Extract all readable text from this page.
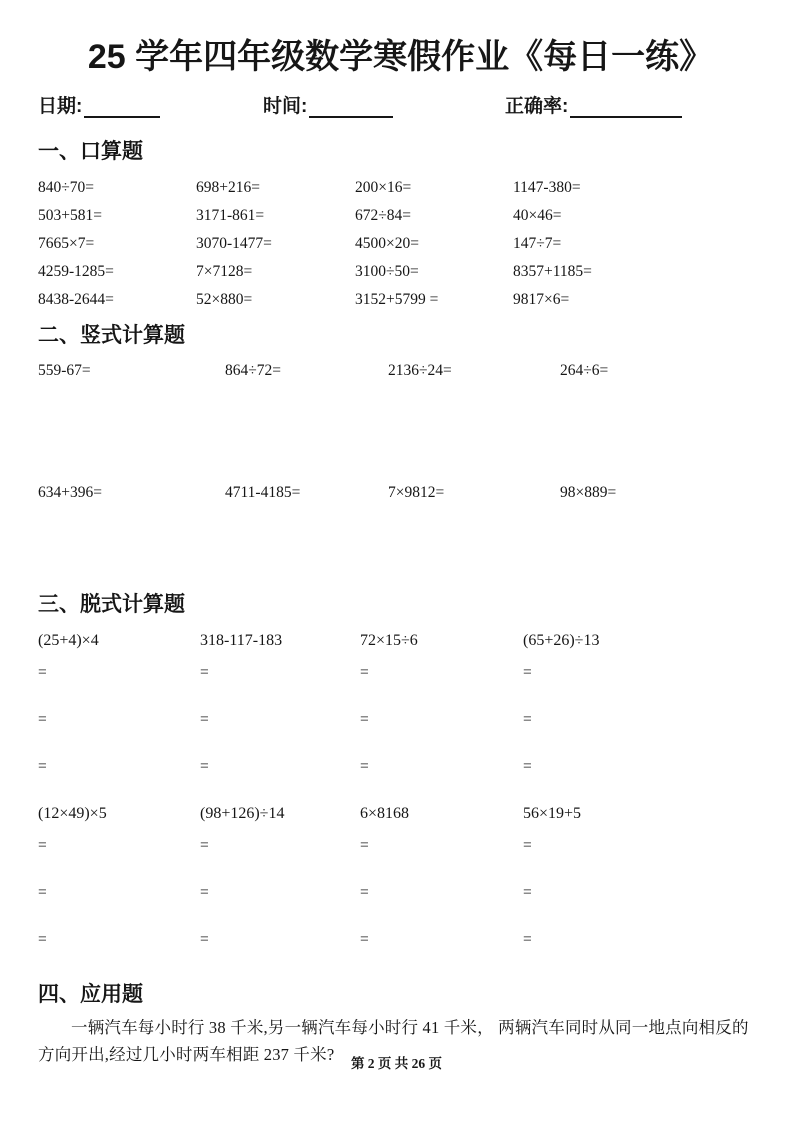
25 学年四年级数学寒假作业《每日一练》
日期:	时间:	正确率:
一、口算题
840÷70=	698+216=	200×16=	1147-380=
503+581=	3171-861=	672÷84=	40×46=
7665×7=	3070-1477=	4500×20=	147÷7=
4259-1285=	7×7128=	3100÷50=	8357+1185=
8438-2644=	52×880=	3152+5799 =	9817×6=
二、竖式计算题
559-67=	864÷72=	2136÷24=	264÷6=
634+396=	4711-4185=	7×9812=	98×889=
三、脱式计算题
(25+4)×4	318-117-183	72×15÷6	(65+26)÷13
=	=	=	=
=	=	=	=
=	=	=	=
(12×49)×5	(98+126)÷14	6×8168	56×19+5
=	=	=	=
=	=	=	=
=	=	=	=
四、应用题

一辆汽车每小时行 38 千米,另一辆汽车每小时行 41 千米， 两辆汽车同时从同一地点向相反的方向开出,经过几小时两车相距 237 千米?	第 2 页 共 26 页
